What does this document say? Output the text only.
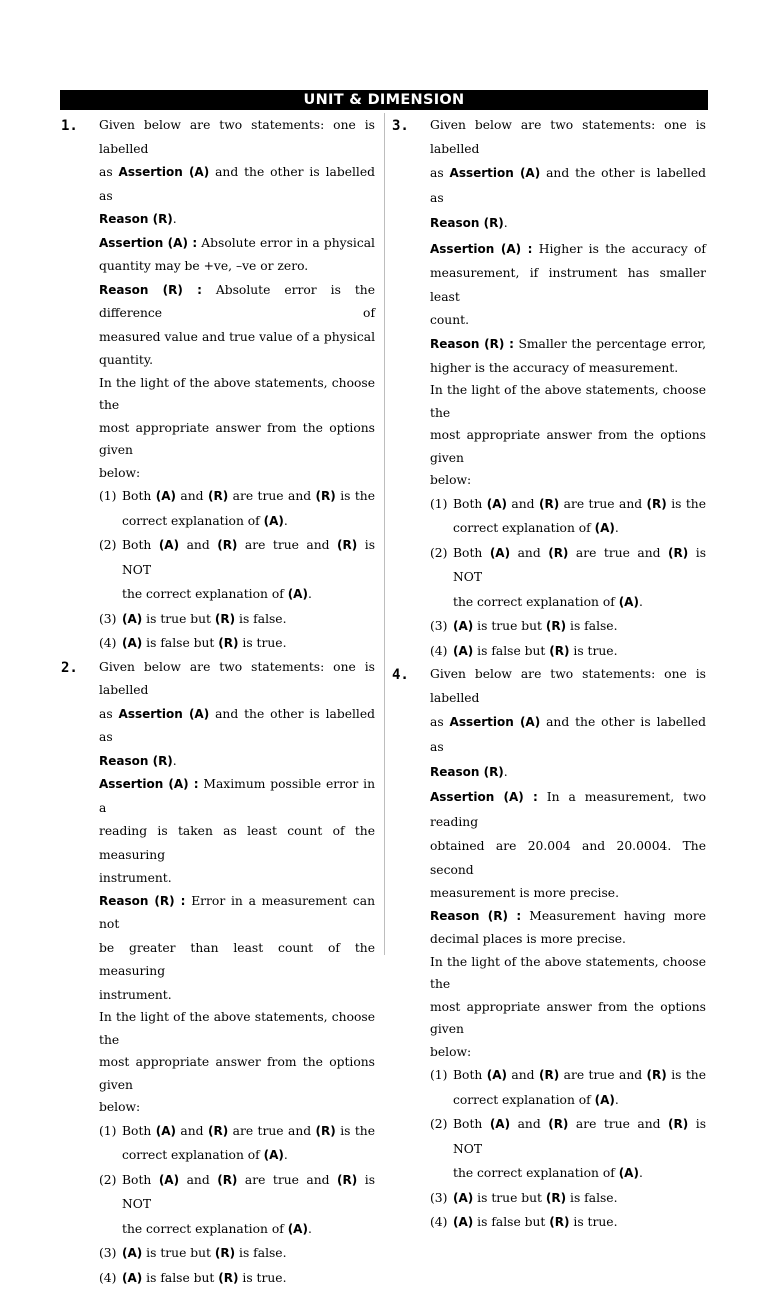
UNIT & DIMENSION
1. Given below are two statements: one is labelled

as Assertion (A) and the other is labelled as

Reason (R).

Assertion (A) : Absolute error in a physical

quantity may be +ve, –ve or zero.

Reason (R) : Absolute error is the difference of

measured value and true value of a physical

quantity.

In the light of the above statements, choose the

most appropriate answer from the options given

below:

(1) Both (A) and (R) are true and (R) is the

correct explanation of (A).

(2) Both (A) and (R) are true and (R) is NOT

the correct explanation of (A).

(3) (A) is true but (R) is false.

(4) (A) is false but (R) is true.

2. Given below are two statements: one is labelled

as Assertion (A) and the other is labelled as

Reason (R).

Assertion (A) : Maximum possible error in a

reading is taken as least count of the measuring

instrument.

Reason (R) : Error in a measurement can not

be greater than least count of the measuring

instrument.

In the light of the above statements, choose the

most appropriate answer from the options given

below:

(1) Both (A) and (R) are true and (R) is the

correct explanation of (A).

(2) Both (A) and (R) are true and (R) is NOT

the correct explanation of (A).

(3) (A) is true but (R) is false.

(4) (A) is false but (R) is true.

3. Given below are two statements: one is labelled

as Assertion (A) and the other is labelled as

Reason (R).

Assertion (A) : Higher is the accuracy of

measurement, if instrument has smaller least

count.

Reason (R) : Smaller the percentage error,

higher is the accuracy of measurement.

In the light of the above statements, choose the

most appropriate answer from the options given

below:

(1) Both (A) and (R) are true and (R) is the

correct explanation of (A).

(2) Both (A) and (R) are true and (R) is NOT

the correct explanation of (A).

(3) (A) is true but (R) is false.

(4) (A) is false but (R) is true.

4. Given below are two statements: one is labelled

as Assertion (A) and the other is labelled as

Reason (R).

Assertion (A) : In a measurement, two reading

obtained are 20.004 and 20.0004. The second

measurement is more precise.

Reason (R) : Measurement having more

decimal places is more precise.

In the light of the above statements, choose the

most appropriate answer from the options given

below:

(1) Both (A) and (R) are true and (R) is the

correct explanation of (A).

(2) Both (A) and (R) are true and (R) is NOT

the correct explanation of (A).

(3) (A) is true but (R) is false.

(4) (A) is false but (R) is true.
